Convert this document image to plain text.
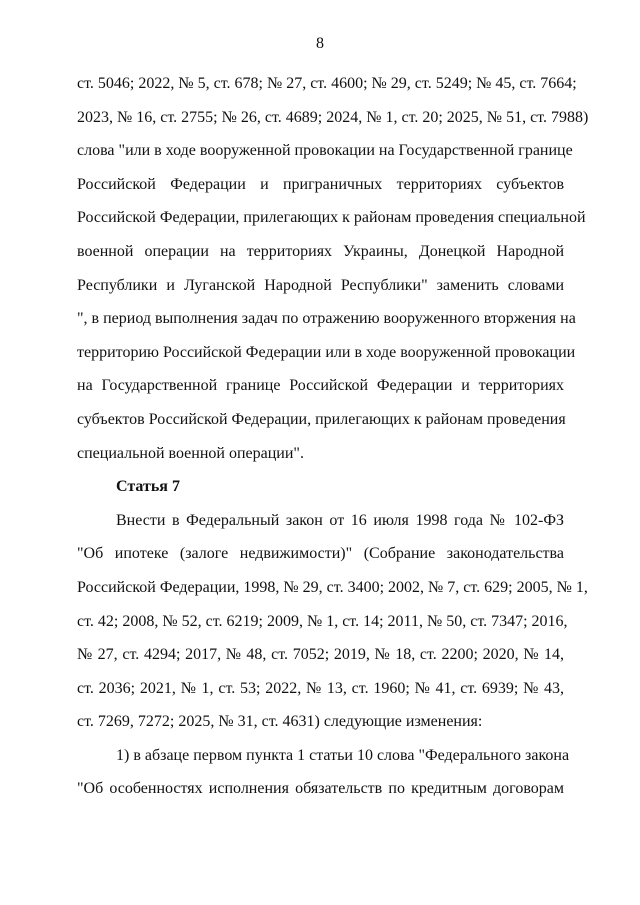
8
ст. 5046; 2022, № 5, ст. 678; № 27, ст. 4600; № 29, ст. 5249; № 45, ст. 7664;
2023, № 16, ст. 2755; № 26, ст. 4689; 2024, № 1, ст. 20; 2025, № 51, ст. 7988)
слова "или в ходе вооруженной провокации на Государственной границе
Российской Федерации и приграничных территориях субъектов
Российской Федерации, прилегающих к районам проведения специальной
военной операции на территориях Украины, Донецкой Народной
Республики и Луганской Народной Республики" заменить словами
", в период выполнения задач по отражению вооруженного вторжения на
территорию Российской Федерации или в ходе вооруженной провокации
на Государственной границе Российской Федерации и территориях
субъектов Российской Федерации, прилегающих к районам проведения
специальной военной операции".
Статья 7
Внести в Федеральный закон от 16 июля 1998 года № 102-ФЗ
"Об ипотеке (залоге недвижимости)" (Собрание законодательства
Российской Федерации, 1998, № 29, ст. 3400; 2002, № 7, ст. 629; 2005, № 1,
ст. 42; 2008, № 52, ст. 6219; 2009, № 1, ст. 14; 2011, № 50, ст. 7347; 2016,
№ 27, ст. 4294; 2017, № 48, ст. 7052; 2019, № 18, ст. 2200; 2020, № 14,
ст. 2036; 2021, № 1, ст. 53; 2022, № 13, ст. 1960; № 41, ст. 6939; № 43,
ст. 7269, 7272; 2025, № 31, ст. 4631) следующие изменения:
1) в абзаце первом пункта 1 статьи 10 слова "Федерального закона
"Об особенностях исполнения обязательств по кредитным договорам
